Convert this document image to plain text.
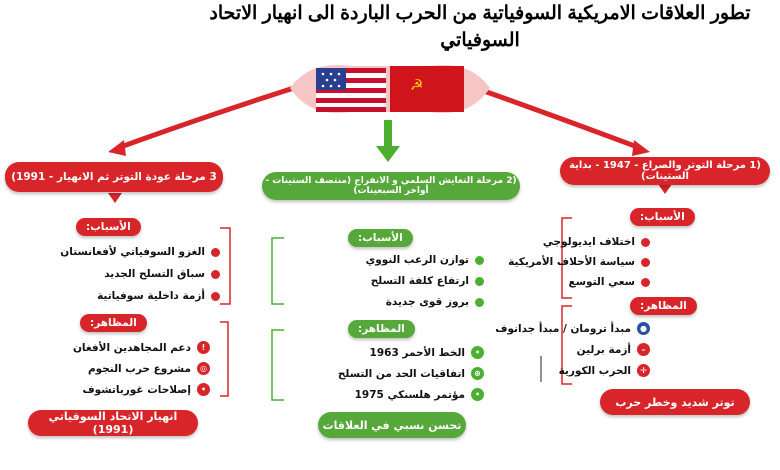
تطور العلاقات الامريكية السوفياتية من الحرب الباردة الى انهيار الاتحاد السوفياتي
☭
(1 مرحلة التوتر والصراع - 1947 - بداية الستينات)
الأسباب:
اختلاف ايديولوجي
سياسة الأحلاف الأمريكية
سعي التوسع
المظاهر:
●
مبدأ ترومان / مبدأ جدانوف
–
أزمة برلين
✛
الحرب الكورية
توتر شديد وخطر حرب
(2 مرحلة التعايش السلمي و الانفراج (منتصف الستينات - أواخر السبعينات)
الأسباب:
توازن الرعب النووي
ارتفاع كلفة التسلح
بروز قوى جديدة
المظاهر:
•
الخط الأحمر 1963
⊕
اتفاقيات الحد من التسلح
•
مؤتمر هلسنكي 1975
تحسن نسبي في العلاقات
3 مرحلة عودة التوتر ثم الانهيار - 1991)
الأسباب:
الغزو السوفياتي لأفغانستان
سباق التسلح الجديد
أزمة داخلية سوفياتية
المظاهر:
!
دعم المجاهدين الأفغان
◎
مشروع حرب النجوم
•
إصلاحات غورباتشوف
انهيار الاتحاد السوفياتي (1991)
